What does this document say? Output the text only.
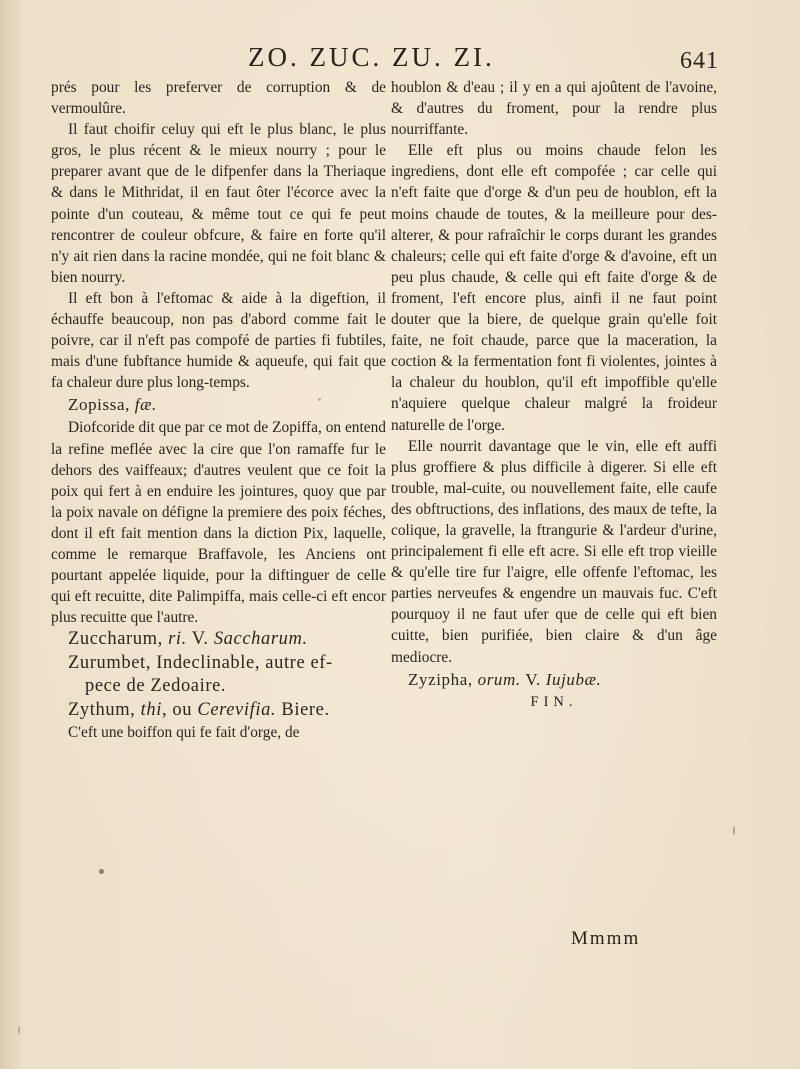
ZO. ZUC. ZU. ZI.	641

prés pour les preferver de corruption & de vermoulûre.

Il faut choifir celuy qui eft le plus blanc, le plus gros, le plus récent & le mieux nourry ; pour le preparer avant que de le difpenfer dans la Theriaque & dans le Mithridat, il en faut ôter l'écorce avec la pointe d'un couteau, & même tout ce qui fe peut rencontrer de couleur obfcure, & faire en forte qu'il n'y ait rien dans la racine mondée, qui ne foit blanc & bien nourry.

Il eft bon à l'eftomac & aide à la digeftion, il échauffe beaucoup, non pas d'abord comme fait le poivre, car il n'eft pas compofé de parties fi fubtiles, mais d'une fubftance humide & aqueufe, qui fait que fa chaleur dure plus long-temps.

Zopissa, fæ.

Diofcoride dit que par ce mot de Zopiffa, on entend la refine meflée avec la cire que l'on ramaffe fur le dehors des vaiffeaux; d'autres veulent que ce foit la poix qui fert à en enduire les jointures, quoy que par la poix navale on défigne la premiere des poix féches, dont il eft fait mention dans la diction Pix, laquelle, comme le remarque Braffavole, les Anciens ont pourtant appelée liquide, pour la diftinguer de celle qui eft recuitte, dite Palimpiffa, mais celle-ci eft encor plus recuitte que l'autre.

Zuccharum, ri. V. Saccharum.

Zurumbet, Indeclinable, autre ef-
pece de Zedoaire.

Zythum, thi, ou Cerevifia. Biere.

C'eft une boiffon qui fe fait d'orge, de

houblon & d'eau ; il y en a qui ajoûtent de l'avoine, & d'autres du froment, pour la rendre plus nourriffante.

Elle eft plus ou moins chaude felon les ingrediens, dont elle eft compofée ; car celle qui n'eft faite que d'orge & d'un peu de houblon, eft la moins chaude de toutes, & la meilleure pour des-alterer, & pour rafraîchir le corps durant les grandes chaleurs; celle qui eft faite d'orge & d'avoine, eft un peu plus chaude, & celle qui eft faite d'orge & de froment, l'eft encore plus, ainfi il ne faut point douter que la biere, de quelque grain qu'elle foit faite, ne foit chaude, parce que la maceration, la coction & la fermentation font fi violentes, jointes à la chaleur du houblon, qu'il eft impoffible qu'elle n'aquiere quelque chaleur malgré la froideur naturelle de l'orge.

Elle nourrit davantage que le vin, elle eft auffi plus groffiere & plus difficile à digerer. Si elle eft trouble, mal-cuite, ou nouvellement faite, elle caufe des obftructions, des inflations, des maux de tefte, la colique, la gravelle, la ftrangurie & l'ardeur d'urine, principalement fi elle eft acre. Si elle eft trop vieille & qu'elle tire fur l'aigre, elle offenfe l'eftomac, les parties nerveufes & engendre un mauvais fuc. C'eft pourquoy il ne faut ufer que de celle qui eft bien cuitte, bien purifiée, bien claire & d'un âge mediocre.

Zyzipha, orum. V. Iujubæ.

FIN.

Mmmm
